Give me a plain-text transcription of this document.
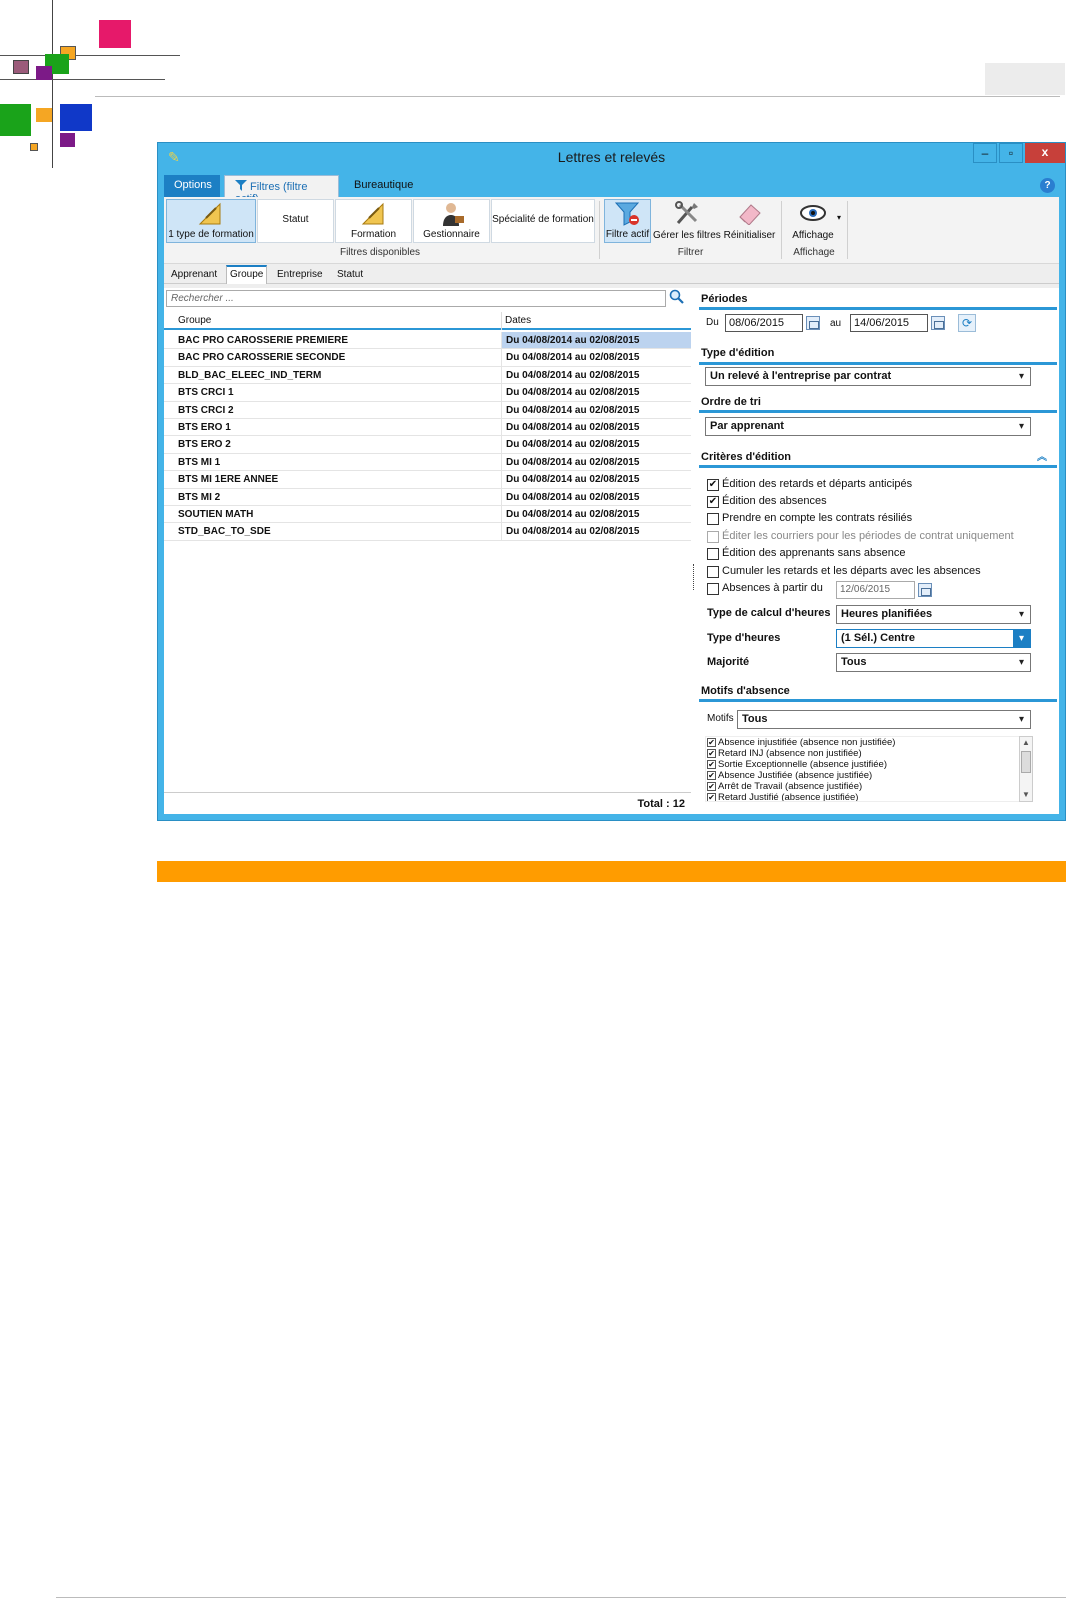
✎	Lettres et relevés	‒	▫	x
Options	Filtres (filtre	Bureautique	?
1 type de formation
Statut
Formation	Gestionnaire
Spécialité de formation
Filtres disponibles
Filtre actif Gérer les filtres Réinitialiser
Filtrer
Affichage
▾
Affichage
Apprenant	Groupe	Entreprise	Statut
Rechercher ...
Groupe	Dates
BAC PRO CAROSSERIE PREMIERE	Du 04/08/2014 au 02/08/2015
BAC PRO CAROSSERIE SECONDE	Du 04/08/2014 au 02/08/2015
BLD_BAC_ELEEC_IND_TERM	Du 04/08/2014 au 02/08/2015
BTS CRCI 1	Du 04/08/2014 au 02/08/2015
BTS CRCI 2	Du 04/08/2014 au 02/08/2015
BTS ERO 1	Du 04/08/2014 au 02/08/2015
BTS ERO 2	Du 04/08/2014 au 02/08/2015
BTS MI 1	Du 04/08/2014 au 02/08/2015
BTS MI 1ERE ANNEE	Du 04/08/2014 au 02/08/2015
BTS MI 2	Du 04/08/2014 au 02/08/2015
SOUTIEN MATH	Du 04/08/2014 au 02/08/2015
STD_BAC_TO_SDE	Du 04/08/2014 au 02/08/2015
Total : 12
Périodes
Du 08/06/2015	au	14/06/2015	⟳
Type d'édition
Un relevé à l'entreprise par contrat	▾
Ordre de tri
Par apprenant	▾
Critères d'édition	︽
✔ Édition des retards et départs anticipés
✔ Édition des absences
Prendre en compte les contrats résiliés
Éditer les courriers pour les périodes de contrat uniquement
Édition des apprenants sans absence
Cumuler les retards et les départs avec les absences
Absences à partir du	12/06/2015
Type de calcul d'heures Heures planifiées	▾
Type d'heures	(1 Sél.) Centre	▾
Majorité	Tous	▾
Motifs d'absence
Motifs Tous	▾
✔ Absence injustifiée (absence non justifiée)
✔ Retard INJ (absence non justifiée)
✔ Sortie Exceptionnelle (absence justifiée)
✔ Absence Justifiée (absence justifiée)
✔ Arrêt de Travail (absence justifiée)
✔ Retard Justifié (absence justifiée)
▲
▼
